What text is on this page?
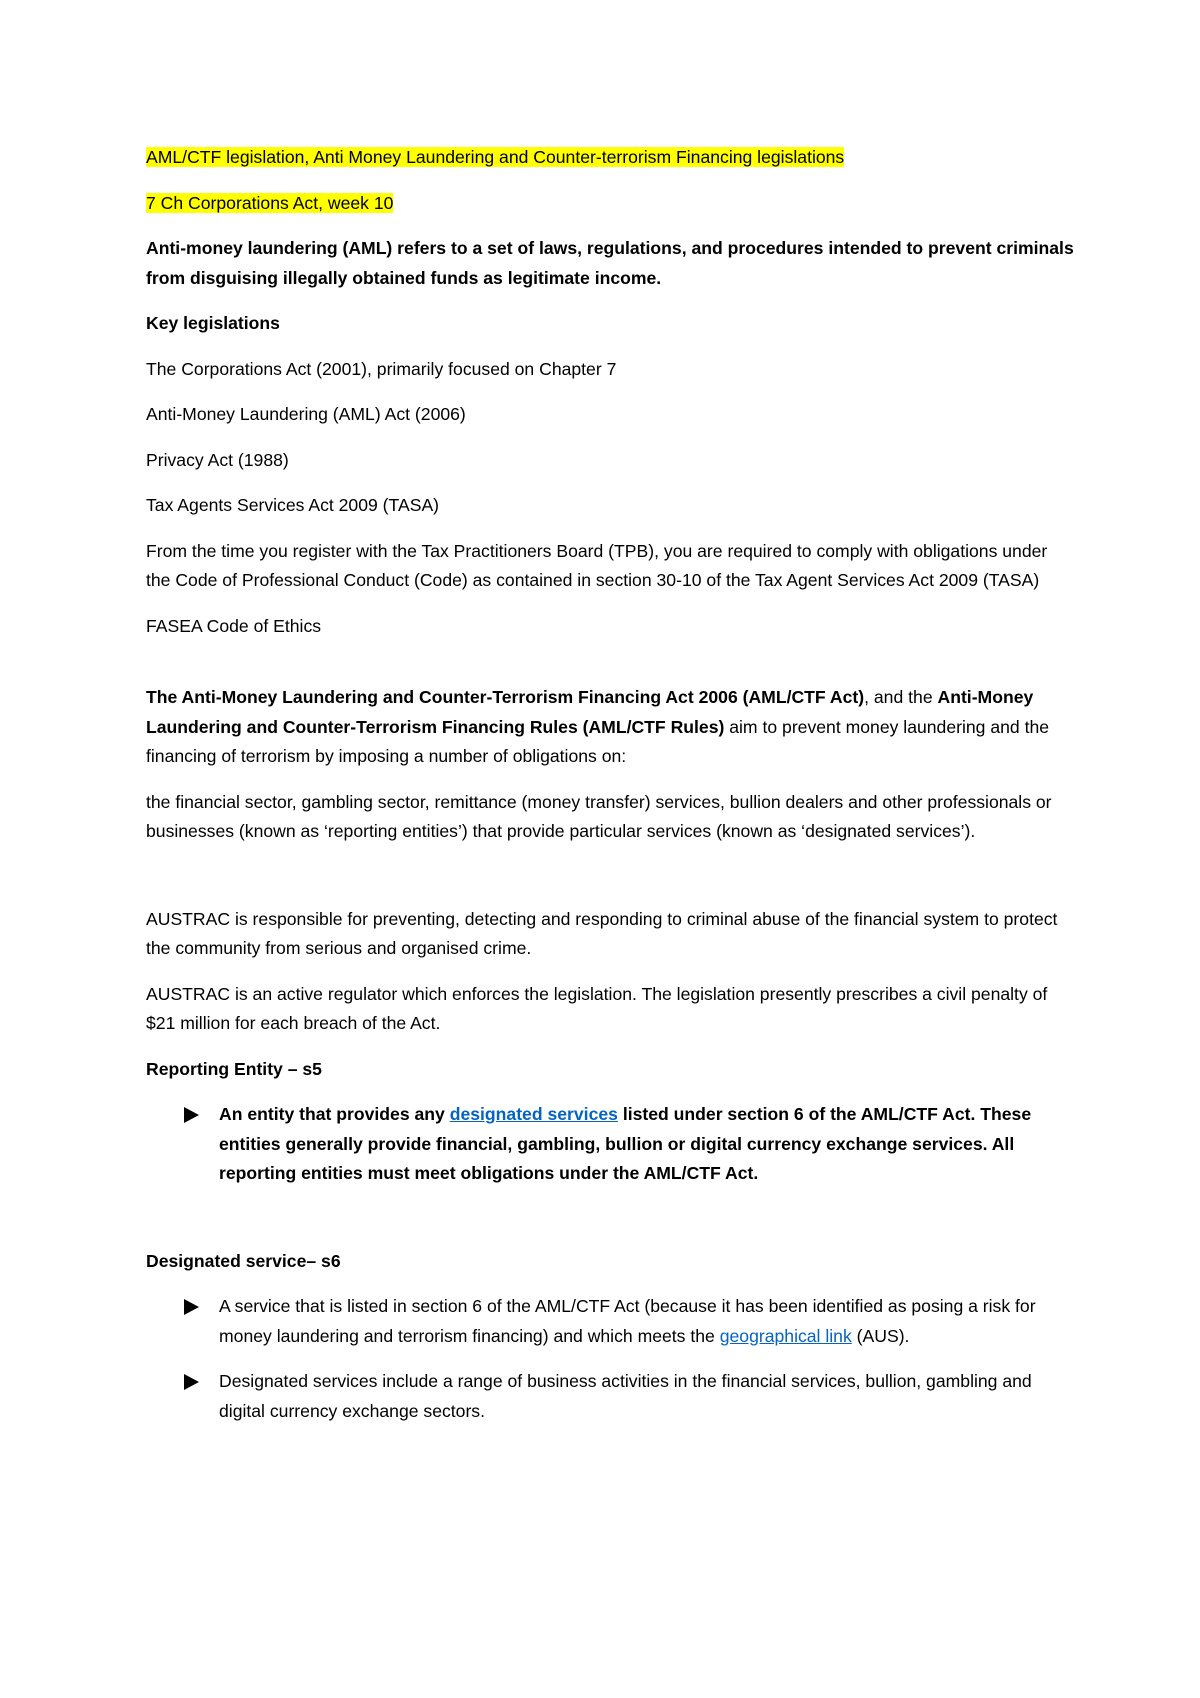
AML/CTF legislation, Anti Money Laundering and Counter-terrorism Financing legislations

7 Ch Corporations Act, week 10

Anti-money laundering (AML) refers to a set of laws, regulations, and procedures intended to prevent criminals from disguising illegally obtained funds as legitimate income.

Key legislations

The Corporations Act (2001), primarily focused on Chapter 7

Anti-Money Laundering (AML) Act (2006)

Privacy Act (1988)

Tax Agents Services Act 2009 (TASA)

From the time you register with the Tax Practitioners Board (TPB), you are required to comply with obligations under the Code of Professional Conduct (Code) as contained in section 30-10 of the Tax Agent Services Act 2009 (TASA)

FASEA Code of Ethics

The Anti-Money Laundering and Counter-Terrorism Financing Act 2006 (AML/CTF Act), and the Anti-Money Laundering and Counter-Terrorism Financing Rules (AML/CTF Rules) aim to prevent money laundering and the financing of terrorism by imposing a number of obligations on:

the financial sector, gambling sector, remittance (money transfer) services, bullion dealers and other professionals or businesses (known as ‘reporting entities’) that provide particular services (known as ‘designated services’).

AUSTRAC is responsible for preventing, detecting and responding to criminal abuse of the financial system to protect the community from serious and organised crime.

AUSTRAC is an active regulator which enforces the legislation. The legislation presently prescribes a civil penalty of $21 million for each breach of the Act.

Reporting Entity – s5

An entity that provides any designated services listed under section 6 of the AML/CTF Act. These entities generally provide financial, gambling, bullion or digital currency exchange services. All reporting entities must meet obligations under the AML/CTF Act.

Designated service– s6

A service that is listed in section 6 of the AML/CTF Act (because it has been identified as posing a risk for money laundering and terrorism financing) and which meets the geographical link (AUS).
Designated services include a range of business activities in the financial services, bullion, gambling and digital currency exchange sectors.
